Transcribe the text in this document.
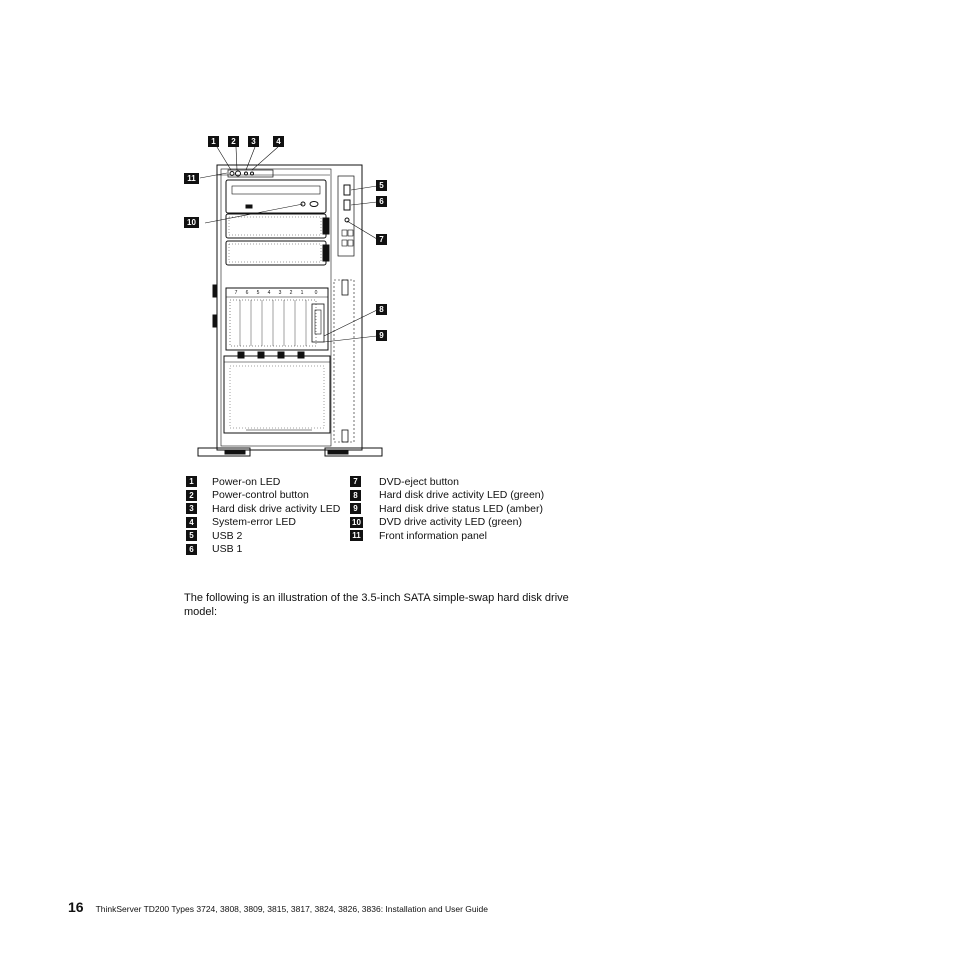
7 6 5 4 3 2 1 0
1	2	3	4
5
6
7
8
9
10
11
1	Power-on LED
2	Power-control button
3	Hard disk drive activity LED
4	System-error LED
5	USB 2
6	USB 1
7	DVD-eject button
8	Hard disk drive activity LED (green)
9	Hard disk drive status LED (amber)
10 DVD drive activity LED (green)
11 Front information panel

The following is an illustration of the 3.5-inch SATA simple-swap hard disk drive model:

16 ThinkServer TD200 Types 3724, 3808, 3809, 3815, 3817, 3824, 3826, 3836: Installation and User Guide
